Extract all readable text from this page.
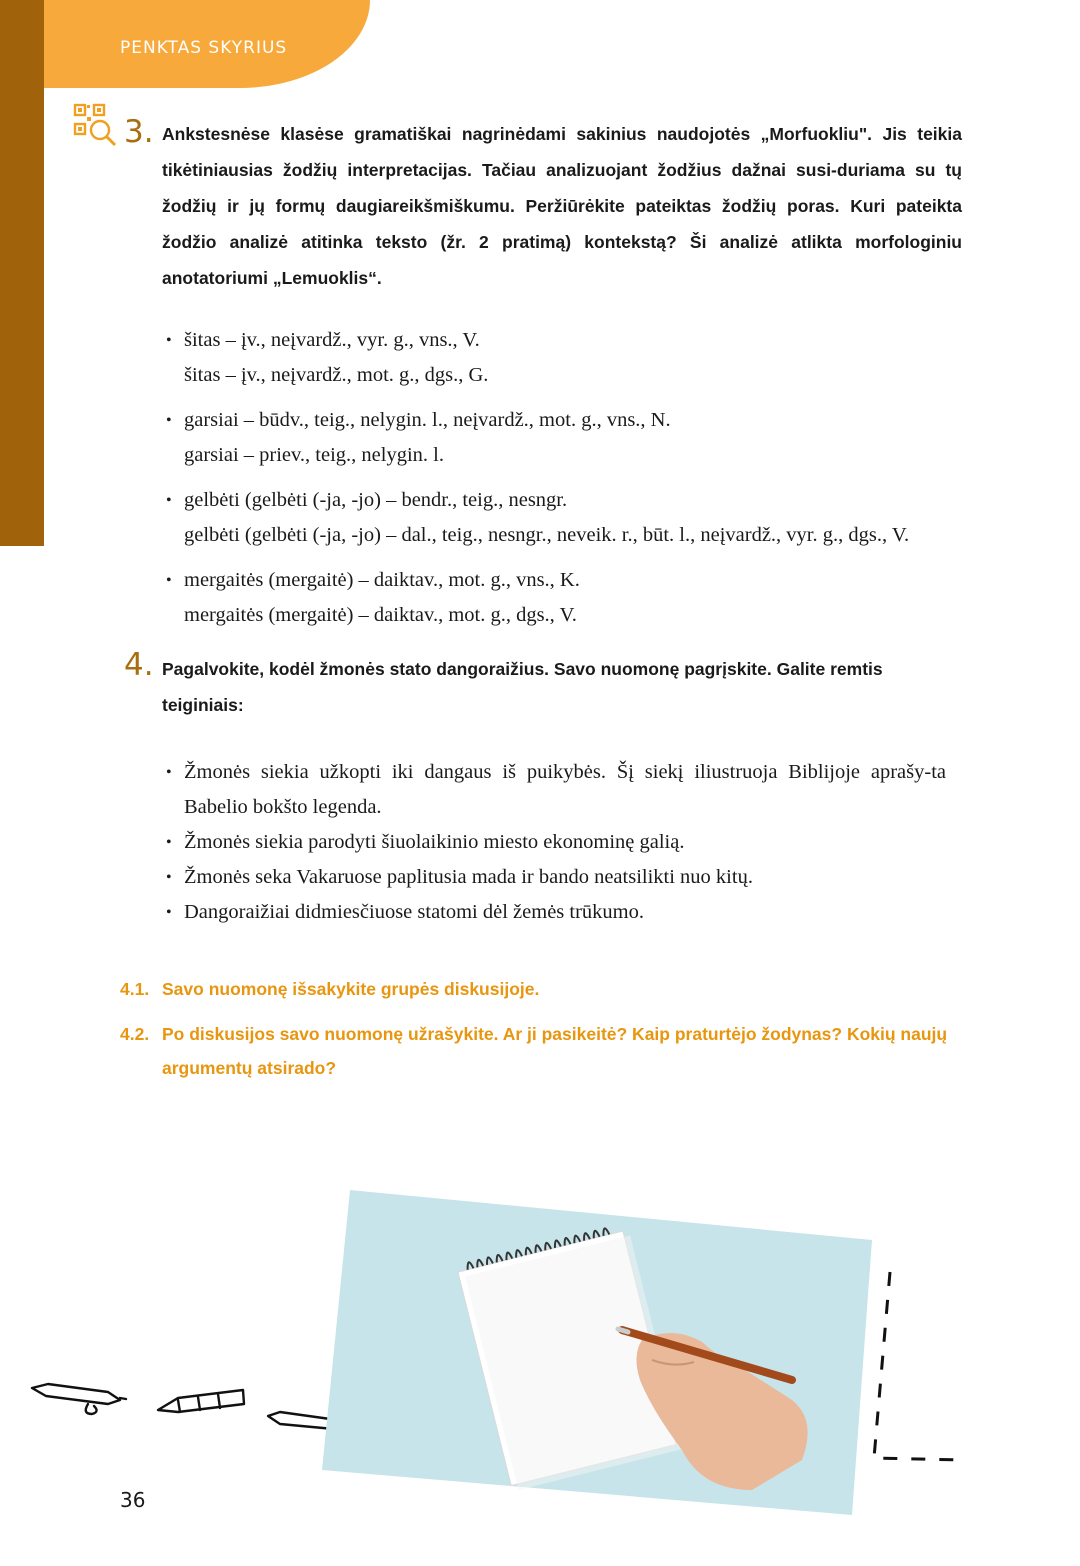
PENKTAS SKYRIUS
3. Ankstesnėse klasėse gramatiškai nagrinėdami sakinius naudojotės „Morfuokliu". Jis teikia tikėtiniausias žodžių interpretacijas. Tačiau analizuojant žodžius dažnai susi-duriama su tų žodžių ir jų formų daugiareikšmiškumu. Peržiūrėkite pateiktas žodžių poras. Kuri pateikta žodžio analizė atitinka teksto (žr. 2 pratimą) kontekstą? Ši analizė atlikta morfologiniu anotatoriumi „Lemuoklis“.
• šitas – įv., neįvardž., vyr. g., vns., V.
šitas – įv., neįvardž., mot. g., dgs., G.
• garsiai – būdv., teig., nelygin. l., neįvardž., mot. g., vns., N.
garsiai – priev., teig., nelygin. l.
• gelbėti (gelbėti (-ja, -jo) – bendr., teig., nesngr.
gelbėti (gelbėti (-ja, -jo) – dal., teig., nesngr., neveik. r., būt. l., neįvardž., vyr. g., dgs., V.
• mergaitės (mergaitė) – daiktav., mot. g., vns., K.
mergaitės (mergaitė) – daiktav., mot. g., dgs., V.
4. Pagalvokite, kodėl žmonės stato dangoraižius. Savo nuomonę pagrįskite. Galite remtis teiginiais:
• Žmonės siekia užkopti iki dangaus iš puikybės. Šį siekį iliustruoja Biblijoje aprašy-ta Babelio bokšto legenda.
• Žmonės siekia parodyti šiuolaikinio miesto ekonominę galią.
• Žmonės seka Vakaruose paplitusia mada ir bando neatsilikti nuo kitų.
• Dangoraižiai didmiesčiuose statomi dėl žemės trūkumo.
4.1. Savo nuomonę išsakykite grupės diskusijoje.
4.2. Po diskusijos savo nuomonę užrašykite. Ar ji pasikeitė? Kaip praturtėjo žodynas? Kokių naujų argumentų atsirado?
36
